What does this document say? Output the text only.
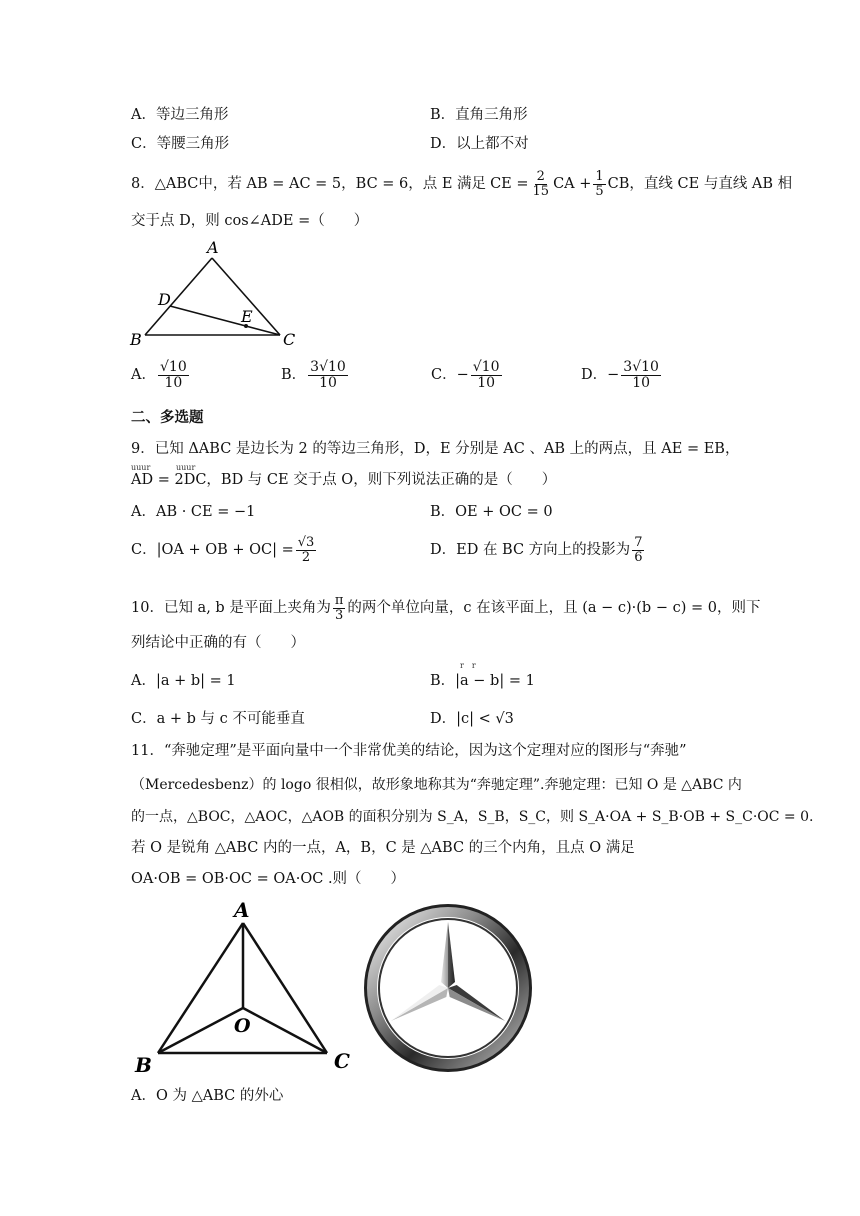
A．等边三角形	B．直角三角形
C．等腰三角形	D．以上都不对
8． △ABC中，若 AB = AC = 5，BC = 6，点 E 满足 CE = $\frac{2}{15}$ CA + $\frac{1}{5}$ CB，直线 CE 与直线 AB 相
交于点 D，则 cos∠ADE =（　　）
A
D
E
B	C
A． $\frac{√10}{10}$	B． $\frac{3√10}{10}$	C．− $\frac{√10}{10}$	D．− $\frac{3√10}{10}$
二、多选题
9．已知 ΔABC 是边长为 2 的等边三角形，D，E 分别是 AC 、AB 上的两点，且 AE = EB，
uuur	uuur
AD = 2DC，BD 与 CE 交于点 O，则下列说法正确的是（　　）
A．AB · CE = −1	B．OE + OC = 0
C．|OA + OB + $OC| = \frac{√3}{2}$	D．ED 在 BC 方向上的投影为 $\frac{7}{6}$
10．已知 a, b 是平面上夹角为 $\frac{\pi}{3}$ 的两个单位向量，c 在该平面上，且 (a − c)·(b − c) = 0，则下
列结论中正确的有（　　）
A．|a + b| = 1
r　r
B．|a − b| = 1
C．a + b 与 c 不可能垂直	D．|c| < √3
11．“奔驰定理”是平面向量中一个非常优美的结论，因为这个定理对应的图形与“奔驰”
（Mercedesbenz）的 logo 很相似，故形象地称其为“奔驰定理”.奔驰定理：已知 O 是 △ABC 内
的一点，△BOC，△AOC，△AOB 的面积分别为 S_A，S_B，S_C，则 S_A·OA + S_B·OB + S_C·OC = 0.
若 O 是锐角 △ABC 内的一点，A，B，C 是 △ABC 的三个内角，且点 O 满足
OA·OB = OB·OC = OA·OC .则（　　）
A
O
B	C
A．O 为 △ABC 的外心
